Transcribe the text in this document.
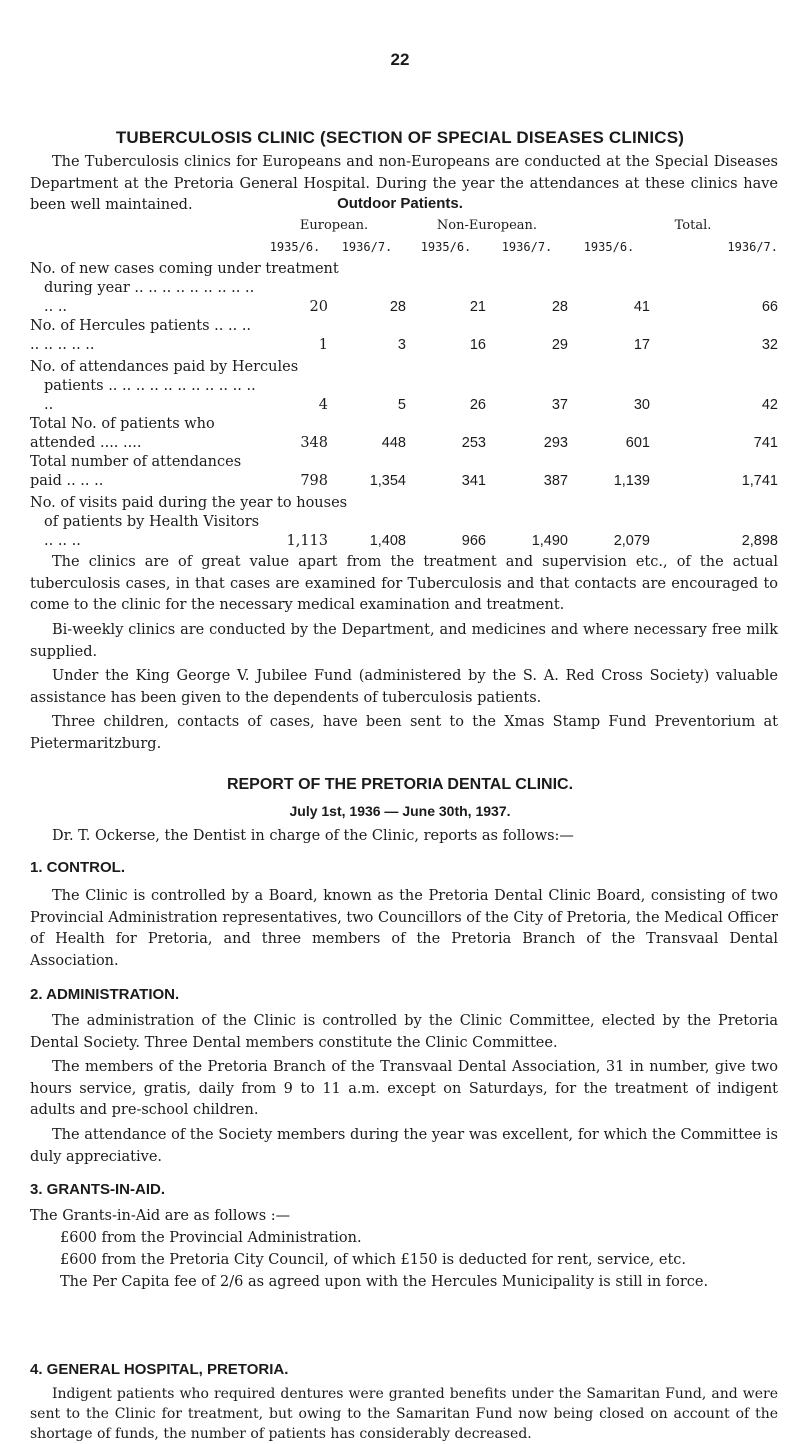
22
TUBERCULOSIS CLINIC (SECTION OF SPECIAL DISEASES CLINICS)

The Tuberculosis clinics for Europeans and non-Europeans are conducted at the Special Diseases Department at the Pretoria General Hospital. During the year the attendances at these clinics have been well maintained.	Outdoor Patients.
	European.		Non-European.		Total.	
	1935/6.	1936/7.	1935/6.	1936/7.	1935/6.	1936/7.
No. of new cases coming under treatment						
during year .. .. .. .. .. .. .. .. .. .. ..	20	28	21	28	41	66
No. of Hercules patients .. .. .. .. .. .. .. ..	1	3	16	29	17	32
No. of attendances paid by Hercules						
patients .. .. .. .. .. .. .. .. .. .. .. ..	4	5	26	37	30	42
Total No. of patients who attended .... ....	348	448	253	293	601	741
Total number of attendances paid .. .. ..	798	1,354	341	387	1,139	1,741
No. of visits paid during the year to houses						
of patients by Health Visitors .. .. ..	1,113	1,408	966	1,490	2,079	2,898

The clinics are of great value apart from the treatment and supervision etc., of the actual tuberculosis cases, in that cases are examined for Tuberculosis and that contacts are encouraged to come to the clinic for the necessary medical examination and treatment.

Bi-weekly clinics are conducted by the Department, and medicines and where necessary free milk supplied.

Under the King George V. Jubilee Fund (administered by the S. A. Red Cross Society) valuable assistance has been given to the dependents of tuberculosis patients.

Three children, contacts of cases, have been sent to the Xmas Stamp Fund Preventorium at Pietermaritzburg.

REPORT OF THE PRETORIA DENTAL CLINIC.
July 1st, 1936 — June 30th, 1937.

Dr. T. Ockerse, the Dentist in charge of the Clinic, reports as follows:—

1. CONTROL.

The Clinic is controlled by a Board, known as the Pretoria Dental Clinic Board, consisting of two Provincial Administration representatives, two Councillors of the City of Pretoria, the Medical Officer of Health for Pretoria, and three members of the Pretoria Branch of the Transvaal Dental Association.

2. ADMINISTRATION.

The administration of the Clinic is controlled by the Clinic Committee, elected by the Pretoria Dental Society. Three Dental members constitute the Clinic Committee.

The members of the Pretoria Branch of the Transvaal Dental Association, 31 in number, give two hours service, gratis, daily from 9 to 11 a.m. except on Saturdays, for the treatment of indigent adults and pre-school children.

The attendance of the Society members during the year was excellent, for which the Committee is duly appreciative.

3. GRANTS-IN-AID.

The Grants-in-Aid are as follows :—

£600 from the Provincial Administration.

£600 from the Pretoria City Council, of which £150 is deducted for rent, service, etc.

The Per Capita fee of 2/6 as agreed upon with the Hercules Municipality is still in force.

4. GENERAL HOSPITAL, PRETORIA.

Indigent patients who required dentures were granted benefits under the Samaritan Fund, and were sent to the Clinic for treatment, but owing to the Samaritan Fund now being closed on account of the shortage of funds, the number of patients has considerably decreased.
